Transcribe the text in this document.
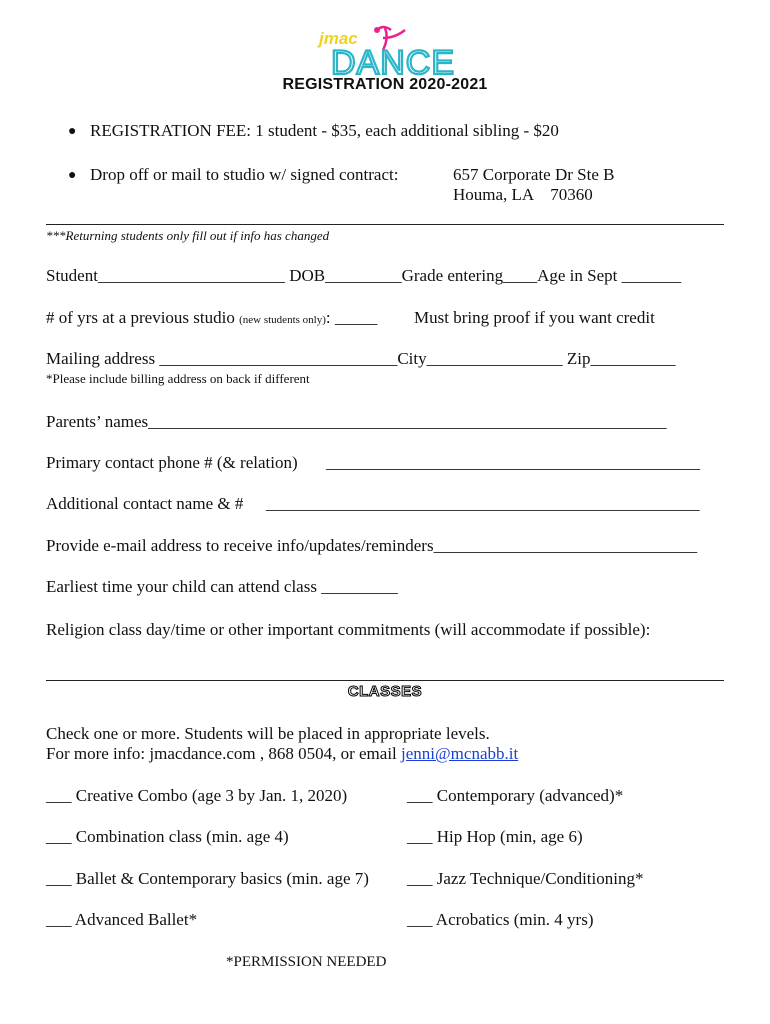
jmac
DANCE
REGISTRATION 2020-2021
● REGISTRATION FEE: 1 student - $35, each additional sibling - $20
● Drop off or mail to studio w/ signed contract:	657 Corporate Dr Ste B
Houma, LA    70360
***Returning students only fill out if info has changed
Student______________________ DOB_________Grade entering____Age in Sept _______
# of yrs at a previous studio (new students only): _____ Must bring proof if you want credit
Mailing address ____________________________City________________ Zip__________
*Please include billing address on back if different
Parents’ names_____________________________________________________________
Primary contact phone # (& relation) ____________________________________________
Additional contact name & # ___________________________________________________
Provide e-mail address to receive info/updates/reminders_______________________________
Earliest time your child can attend class _________
Religion class day/time or other important commitments (will accommodate if possible):
CLASSES
Check one or more. Students will be placed in appropriate levels.
For more info: jmacdance.com , 868 0504, or email jenni@mcnabb.it
___ Creative Combo (age 3 by Jan. 1, 2020)	___ Contemporary (advanced)*
___ Combination class (min. age 4)	___ Hip Hop (min, age 6)
___ Ballet & Contemporary basics (min. age 7) ___ Jazz Technique/Conditioning*
___ Advanced Ballet*	___ Acrobatics (min. 4 yrs)
*PERMISSION NEEDED
